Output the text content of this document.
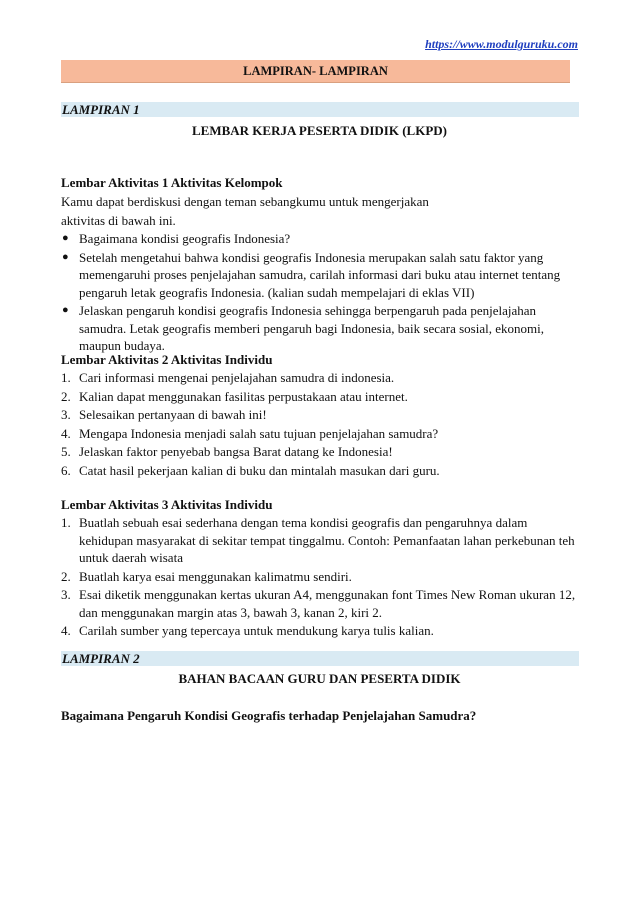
https://www.modulguruku.com
LAMPIRAN- LAMPIRAN
LAMPIRAN 1
LEMBAR KERJA PESERTA DIDIK (LKPD)

Lembar Aktivitas 1 Aktivitas Kelompok

Kamu dapat berdiskusi dengan teman sebangkumu untuk mengerjakan

aktivitas di bawah ini.

● Bagaimana kondisi geografis Indonesia?
● Setelah mengetahui bahwa kondisi geografis Indonesia merupakan salah satu faktor yang memengaruhi proses penjelajahan samudra, carilah informasi dari buku atau internet tentang pengaruh letak geografis Indonesia. (kalian sudah mempelajari di eklas VII)
● Jelaskan pengaruh kondisi geografis Indonesia sehingga berpengaruh pada penjelajahan samudra. Letak geografis memberi pengaruh bagi Indonesia, baik secara sosial, ekonomi, maupun budaya.

Lembar Aktivitas 2 Aktivitas Individu

1. Cari informasi mengenai penjelajahan samudra di indonesia.
2. Kalian dapat menggunakan fasilitas perpustakaan atau internet.
3. Selesaikan pertanyaan di bawah ini!
4. Mengapa Indonesia menjadi salah satu tujuan penjelajahan samudra?
5. Jelaskan faktor penyebab bangsa Barat datang ke Indonesia!
6. Catat hasil pekerjaan kalian di buku dan mintalah masukan dari guru.

Lembar Aktivitas 3 Aktivitas Individu

1. Buatlah sebuah esai sederhana dengan tema kondisi geografis dan pengaruhnya dalam kehidupan masyarakat di sekitar tempat tinggalmu. Contoh: Pemanfaatan lahan perkebunan teh untuk daerah wisata
2. Buatlah karya esai menggunakan kalimatmu sendiri.
3. Esai diketik menggunakan kertas ukuran A4, menggunakan font Times New Roman ukuran 12, dan menggunakan margin atas 3, bawah 3, kanan 2, kiri 2.
4. Carilah sumber yang tepercaya untuk mendukung karya tulis kalian.
LAMPIRAN 2
BAHAN BACAAN GURU DAN PESERTA DIDIK
Bagaimana Pengaruh Kondisi Geografis terhadap Penjelajahan Samudra?
